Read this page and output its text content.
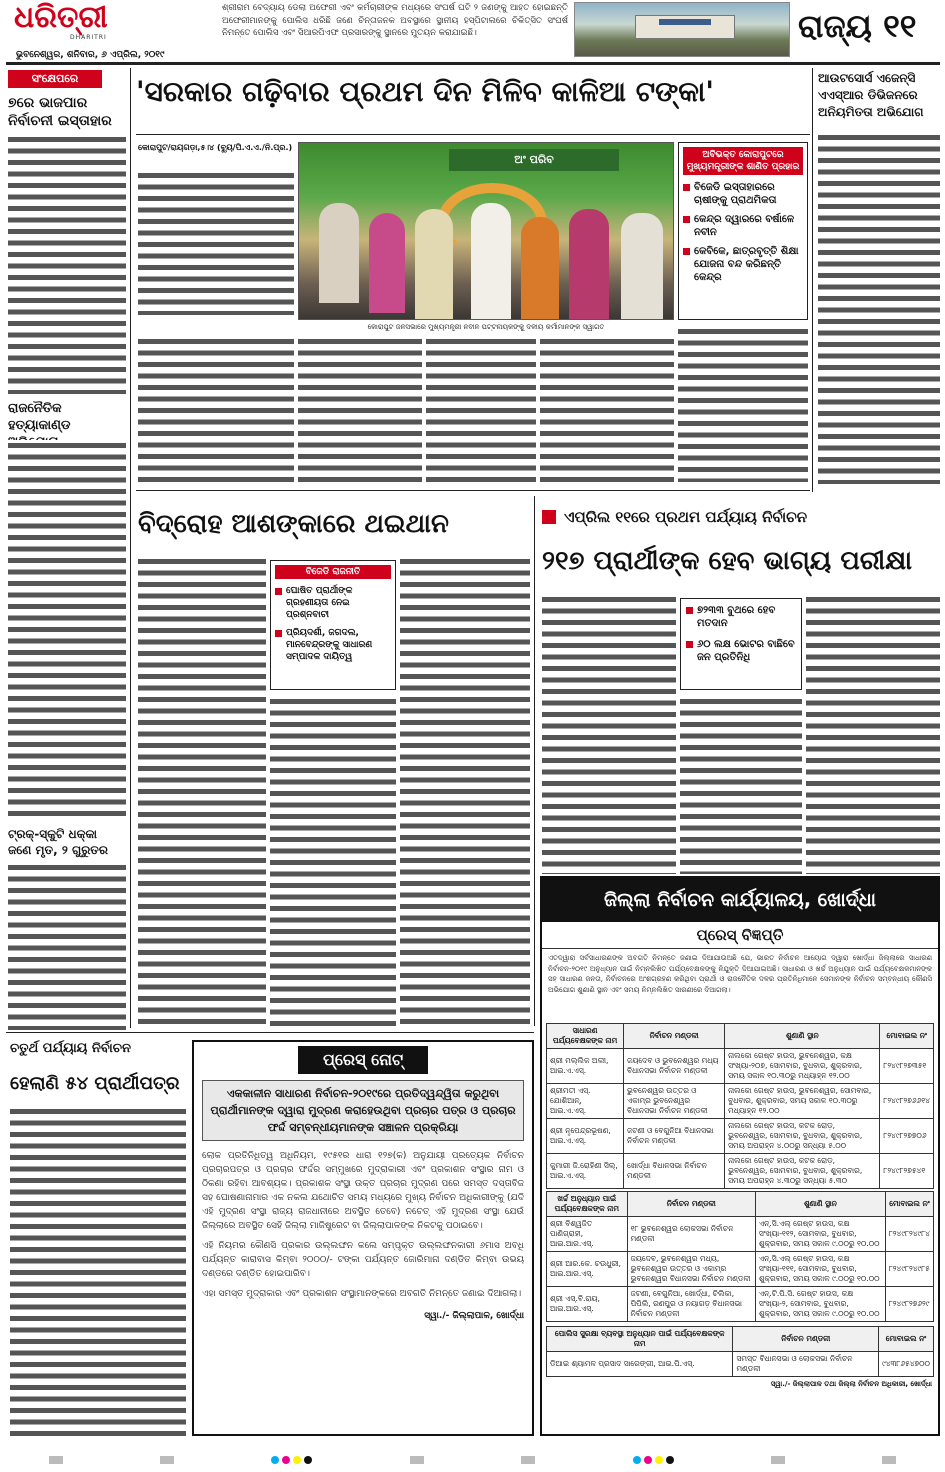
ଧରିତ୍ରୀ
DHARITRI
ଭୁବନେଶ୍ୱର, ଶନିବାର, ୬ ଏପ୍ରିଲ, ୨୦୧୯
ଶ୍ରୀରାମ ବେଦ୍ୟାୟ ଡେଲା ଅଫେରୀ ଏବଂ କର୍ମଚାରୀଙ୍କ ମଧ୍ୟରେ ସଂଘର୍ଷ ଘଟି ୨ ଜଣଙ୍କୁ ଆହତ ହୋଇଛନ୍ତି ଅଫେରୀମାନଙ୍କୁ ପୋଲିସ ଧରିଛି ଜଣେ ଚିନ୍ତାଜନକ ଅବସ୍ଥାରେ ସ୍ଥାନୀୟ ହସ୍ପିଟାଲରେ ଚିକିତ୍ସିତ ସଂଘର୍ଷ ନିମନ୍ତେ ପୋଲିସ ଏବଂ ସିଆରପିଏଫ ପ୍ରସାରଙ୍କୁ ସ୍ଥାନରେ ମୁତୟନ କରାଯାଇଛି।	ରାଜ୍ୟ ୧୧
ସଂକ୍ଷେପରେ
୭ରେ ଭାଜପାର ନିର୍ବାଚନୀ ଇସ୍ତାହାର
ରାଜନୈତିକ ହତ୍ୟାକାଣ୍ଡ
ଟ୍ରକ୍-ସ୍କୁଟି ଧକ୍କା ଜଣେ ମୃତ, ୨ ଗୁରୁତର
'ସରକାର ଗଢ଼ିବାର ପ୍ରଥମ ଦିନ ମିଳିବ କାଳିଆ ଟଙ୍କା'
କୋରାପୁଟ/ରାୟଗଡ଼ା,୫।୪ (ବ୍ୟୁ/ପି.ଏ.ଏ./ନି.ପ୍ର.)
ଅଂ ପରିବ
କୋରାପୁଟ ଜନସଭାରେ ମୁଖ୍ୟମନ୍ତ୍ରୀ ନବୀନ ପଟ୍ଟନାୟକଙ୍କୁ ଦଳୀୟ କର୍ମୀମାନଙ୍କ ସ୍ୱାଗତ
ଅବିଭକ୍ତ କୋରାପୁଟରେ ମୁଖ୍ୟମନ୍ତ୍ରୀଙ୍କ ଶାଣିତ ପ୍ରହାର
ବିଜେଡି ଇସ୍ତାହାରରେ ଚାଷୀଙ୍କୁ ପ୍ରାଥମିକତା
କେନ୍ଦ୍ର ଦ୍ୱାରରେ ବର୍ଷାଳେ ନବୀନ
କେବିକେ, ଛାତ୍ରବୃତ୍ତି ଶିକ୍ଷା ଯୋଜନା ବନ୍ଦ କରିଛନ୍ତି କେନ୍ଦ୍ର
ଆଉଟସୋର୍ସ ଏଜେନ୍ସି ଏଏସ୍‌ଆର ଡିଭିଜନରେ ଅନିୟମିତତା ଅଭିଯୋଗ
ବିଦ୍ରୋହ ଆଶଙ୍କାରେ ଥଇଥାନ
ବିଜେଡି ରାଜନୀତି
ଘୋଷିତ ପ୍ରାର୍ଥୀଙ୍କ ଗ୍ରହଣୀୟତା ନେଇ ପ୍ରଶ୍ନବାଚୀ
ପ୍ରିୟଦର୍ଶୀ, ଜଗଦଲ, ମାନବେନ୍ଦ୍ରଙ୍କୁ ସାଧାରଣ ସମ୍ପାଦକ ଦାୟିତ୍ୱ
ଏପ୍ରିଲ ୧୧ରେ ପ୍ରଥମ ପର୍ଯ୍ୟାୟ ନିର୍ବାଚନ
୨୧୭ ପ୍ରାର୍ଥୀଙ୍କ ହେବ ଭାଗ୍ୟ ପରୀକ୍ଷା
୭୨୩୩ ବୁଥରେ ହେବ ମତଦାନ
୬୦ ଲକ୍ଷ ଭୋଟର ବାଛିବେ ଜନ ପ୍ରତିନିଧି
ଜିଲ୍ଲା ନିର୍ବାଚନ କାର୍ଯ୍ୟାଳୟ, ଖୋର୍ଦ୍ଧା
ପ୍ରେସ୍ ବିଜ୍ଞପ୍ତି
ଏତଦ୍ୱାରା ସର୍ବସାଧାରଣଙ୍କ ଅବଗତି ନିମନ୍ତେ ଜଣାଇ ଦିଆଯାଉଅଛି ଯେ, ଭାରତ ନିର୍ବାଚନ ଆୟୋଗ ଦ୍ୱାରା ଖୋର୍ଦ୍ଧା ଜିଲ୍ଲାରେ ସାଧାରଣ ନିର୍ବାଚନ-୨୦୧୯ ଅନୁଧ୍ୟାନ ପାଇଁ ନିମ୍ନଲିଖିତ ପର୍ଯ୍ୟବେକ୍ଷକଙ୍କୁ ନିଯୁକ୍ତି ଦିଆଯାଇଅଛି। ସାଧାରଣ ଓ ଖର୍ଚ୍ଚ ଅନୁଧ୍ୟାନ ପାଇଁ ପର୍ଯ୍ୟବେକ୍ଷକମାନଙ୍କ ସହ ସାଧାରଣ ଜନତା, ନିର୍ବାଚନରେ ଅଂଶଗ୍ରହଣ କରିଥିବା ପ୍ରାର୍ଥୀ ଓ ରାଜନୈତିକ ଦଳର ପ୍ରତିନିଧିମାନେ ସେମାନଙ୍କ ନିର୍ବାଚନ ସମ୍ବନ୍ଧୀୟ କୌଣସି ଅଭିଯୋଗ ଶୁଣାଣି ସ୍ଥାନ ଏବଂ ସମୟ ନିମ୍ନଲିଖିତ ସାରଣୀରେ ଦିଆଗଲା।
ସାଧାରଣ ପର୍ଯ୍ୟବେକ୍ଷକଙ୍କ ନାମ	ନିର୍ବାଚନ ମଣ୍ଡଳୀ	ଶୁଣାଣି ସ୍ଥାନ	ମୋବାଇଲ ନଂ
ଶ୍ରୀ ମଲ୍ଲିକ ଅଲୀ, ଆଇ.ଏ.ଏସ୍.	ଜୟଦେବ ଓ ଭୁବନେଶ୍ୱର ମଧ୍ୟ ବିଧାନସଭା ନିର୍ବାଚନ ମଣ୍ଡଳୀ	ନାଲକୋ ଗେଷ୍ଟ ହାଉସ, ଭୁବନେଶ୍ୱର, କକ୍ଷ ସଂଖ୍ୟା-୨୦୭, ସୋମବାର, ବୁଧବାର, ଶୁକ୍ରବାର, ସମୟ ସକାଳ ୧୦.୩୦ରୁ ମଧ୍ୟାହ୍ନ ୧୨.୦୦	୮୨୪୯୮୨୭୩୫୧
ଶ୍ରୀମତୀ ଏସ୍. ଯୋଶିଆନ୍, ଆଇ.ଏ.ଏସ୍.	ଭୁବନେଶ୍ୱର ଉତ୍ତର ଓ ଏକାମ୍ର ଭୁବନେଶ୍ୱର ବିଧାନସଭା ନିର୍ବାଚନ ମଣ୍ଡଳୀ	ନାଲକୋ ଗେଷ୍ଟ ହାଉସ, ଭୁବନେଶ୍ୱର, ସୋମବାର, ବୁଧବାର, ଶୁକ୍ରବାର, ସମୟ ସକାଳ ୧୦.୩୦ରୁ ମଧ୍ୟାହ୍ନ ୧୨.୦୦	୮୨୪୯୮୨୭୬୬୧୪
ଶ୍ରୀ ନୃପେନ୍ଦ୍ରଭୂଷଣ, ଆଇ.ଏ.ଏସ୍.	ଜଟଣୀ ଓ ବେଗୁନିଆ ବିଧାନସଭା ନିର୍ବାଚନ ମଣ୍ଡଳୀ	ନାଲକୋ ଗେଷ୍ଟ ହାଉସ, କଟକ ରୋଡ଼, ଭୁବନେଶ୍ୱର, ସୋମବାର, ବୁଧବାର, ଶୁକ୍ରବାର, ସମୟ ଅପରାହ୍ନ ୪.୦୦ରୁ ସନ୍ଧ୍ୟା ୫.୦୦	୮୨୪୯୮୨୭୭୦୬
କୁମାରୀ ଜି.ରୋହିଣୀ ସିଲ୍, ଆଇ.ଏ.ଏସ୍.	ଖୋର୍ଦ୍ଧା ବିଧାନସଭା ନିର୍ବାଚନ ମଣ୍ଡଳୀ	ନାଲକୋ ଗେଷ୍ଟ ହାଉସ, କଟକ ରୋଡ଼, ଭୁବନେଶ୍ୱର, ସୋମବାର, ବୁଧବାର, ଶୁକ୍ରବାର, ସମୟ ଅପରାହ୍ନ ୪.୩୦ରୁ ସନ୍ଧ୍ୟା ୫.୩୦	୮୨୪୯୮୨୭୫୪୧
ଖର୍ଚ୍ଚ ଅନୁଧ୍ୟାନ ପାଇଁ ପର୍ଯ୍ୟବେକ୍ଷକଙ୍କ ନାମ	ନିର୍ବାଚନ ମଣ୍ଡଳୀ	ଶୁଣାଣି ସ୍ଥାନ	ମୋବାଇଲ ନଂ
ଶ୍ରୀ ବିଶ୍ୱଜିତ ପାଣିଗ୍ରାହୀ, ଆଇ.ଆର.ଏସ୍.	୧୮ ଭୁବନେଶ୍ୱର ଲୋକସଭା ନିର୍ବାଚନ ମଣ୍ଡଳୀ	ଏନ୍.ସି.ଏଲ୍ ଗେଷ୍ଟ ହାଉସ, କକ୍ଷ ସଂଖ୍ୟା-୧୧୨, ସୋମବାର, ବୁଧବାର, ଶୁକ୍ରବାର, ସମୟ ସକାଳ ୯.୦୦ରୁ ୧୦.୦୦	୮୨୪୯୮୨୪୯୮୪
ଶ୍ରୀ ଆର.କେ. ଚଉଧୁରୀ, ଆଇ.ଆର.ଏସ୍.	ଜୟଦେବ, ଭୁବନେଶ୍ୱର ମଧ୍ୟ, ଭୁବନେଶ୍ୱର ଉତ୍ତର ଓ ଏକାମ୍ର ଭୁବନେଶ୍ୱର ବିଧାନସଭା ନିର୍ବାଚନ ମଣ୍ଡଳୀ	ଏନ୍.ସି.ଏଲ୍ ଗେଷ୍ଟ ହାଉସ, କକ୍ଷ ସଂଖ୍ୟା-୧୧୧, ସୋମବାର, ବୁଧବାର, ଶୁକ୍ରବାର, ସମୟ ସକାଳ ୯.୦୦ରୁ ୧୦.୦୦	୮୨୪୯୮୨୪୯୮୫
ଶ୍ରୀ ଏସ୍.ବି.ରାୟ, ଆଇ.ଆର.ଏସ୍.	ଜଟଣୀ, ବେଗୁନିଆ, ଖୋର୍ଦ୍ଧା, ଚିଲିକା, ପିପିଲି, ରଣପୁର ଓ ନୟାଗଡ଼ ବିଧାନସଭା ନିର୍ବାଚନ ମଣ୍ଡଳୀ	ଏନ୍.ଟି.ପି.ସି. ଗେଷ୍ଟ ହାଉସ, କକ୍ଷ ସଂଖ୍ୟା-୨, ସୋମବାର, ବୁଧବାର, ଶୁକ୍ରବାର, ସମୟ ସକାଳ ୯.୦୦ରୁ ୧୦.୦୦	୮୨୪୯୮୨୭୬୨୯
ପୋଲିସ ସୁରକ୍ଷା ବ୍ୟବସ୍ଥା ଅନୁଧ୍ୟାନ ପାଇଁ ପର୍ଯ୍ୟବେକ୍ଷକଙ୍କ ନାମ	ନିର୍ବାଚନ ମଣ୍ଡଳୀ	ମୋବାଇଲ ନଂ
ଡିଆଇ ଶ୍ୟାମଳ ପ୍ରସାଦ ସାରେଙ୍ଗୀ, ଆଇ.ପି.ଏସ୍.	ସମସ୍ତ ବିଧାନସଭା ଓ ଲୋକସଭା ନିର୍ବାଚନ ମଣ୍ଡଳୀ	୯୪୩୮୬୫୪୭୦୦
ସ୍ୱା./- ଜିଲ୍ଲାପାଳ ତଥା ଜିଲ୍ଲା ନିର୍ବାଚନ ଅଧିକାରୀ, ଖୋର୍ଦ୍ଧା
ଚତୁର୍ଥ ପର୍ଯ୍ୟାୟ ନିର୍ବାଚନ
ହେଲାଣି ୫୪ ପ୍ରାର୍ଥୀପତ୍ର
ପ୍ରେସ୍ ନୋଟ୍
ଏକକାଳୀନ ସାଧାରଣ ନିର୍ବାଚନ-୨୦୧୯ରେ ପ୍ରତିଦ୍ୱନ୍ଦ୍ୱିତା କରୁଥିବା ପ୍ରାର୍ଥୀମାନଙ୍କ ଦ୍ୱାରା ମୁଦ୍ରଣ କରାହେଉଥିବା ପ୍ରଚାର ପତ୍ର ଓ ପ୍ରଚାର ଫର୍ଦ୍ଦ ସମ୍ବନ୍ଧୀୟମାନଙ୍କ ସଞ୍ଚାଳନ ପ୍ରକ୍ରିୟା
ଲୋକ ପ୍ରତିନିଧିତ୍ୱ ଅଧିନିୟମ, ୧୯୫୧ର ଧାରା ୧୨୭(କ) ଅନୁଯାୟୀ ପ୍ରତ୍ୟେକ ନିର୍ବାଚନ ପ୍ରଚାରପତ୍ର ଓ ପ୍ରଚାର ଫର୍ଦ୍ଦର ସମ୍ମୁଖରେ ମୁଦ୍ରାକାରୀ ଏବଂ ପ୍ରକାଶନ ସଂସ୍ଥାର ନାମ ଓ ଠିକଣା ରହିବା ଆବଶ୍ୟକ। ପ୍ରକାଶକ ସଂସ୍ଥା ଉକ୍ତ ପ୍ରଚାର ମୁଦ୍ରଣ ପରେ ସମସ୍ତ ଦସ୍ତାବିଜ ସହ ଘୋଷଣାନାମାର ଏକ ନକଲ ଯଥୋଚିତ ସମୟ ମଧ୍ୟରେ ମୁଖ୍ୟ ନିର୍ବାଚନ ଅଧିକାରୀଙ୍କୁ (ଯଦି ଏହି ମୁଦ୍ରଣ ସଂସ୍ଥା ରାଜ୍ୟ ରାଜଧାନୀରେ ଅବସ୍ଥିତ ତେବେ) ନଚେତ୍ ଏହି ମୁଦ୍ରଣ ସଂସ୍ଥା ଯେଉଁ ଜିଲ୍ଲାରେ ଅବସ୍ଥିତ ସେହି ଜିଲ୍ଲା ମାଜିଷ୍ଟ୍ରେଟ ବା ଜିଲ୍ଲାପାଳଙ୍କ ନିକଟକୁ ପଠାଇବେ।
ଏହି ନିୟମର କୌଣସି ପ୍ରକାର ଉଲ୍ଲଙ୍ଘନ କଲେ ସମ୍ପୃକ୍ତ ଉଲ୍ଲଙ୍ଘନକାରୀ ୬ମାସ ଅବଧି ପର୍ଯ୍ୟନ୍ତ କାରାବାସ କିମ୍ବା ୨୦୦୦/- ଟଙ୍କା ପର୍ଯ୍ୟନ୍ତ ଜୋରିମାନା ଦଣ୍ଡିତ କିମ୍ବା ଉଭୟ ଦଣ୍ଡରେ ଦଣ୍ଡିତ ହୋଇପାରିବ।
ଏହା ସମସ୍ତ ମୁଦ୍ରାକାର ଏବଂ ପ୍ରକାଶନ ସଂସ୍ଥାମାନଙ୍କରେ ଅବଗତି ନିମନ୍ତେ ଜଣାଇ ଦିଆଗଲା।
ସ୍ୱା./- ଜିଲ୍ଲାପାଳ, ଖୋର୍ଦ୍ଧା
